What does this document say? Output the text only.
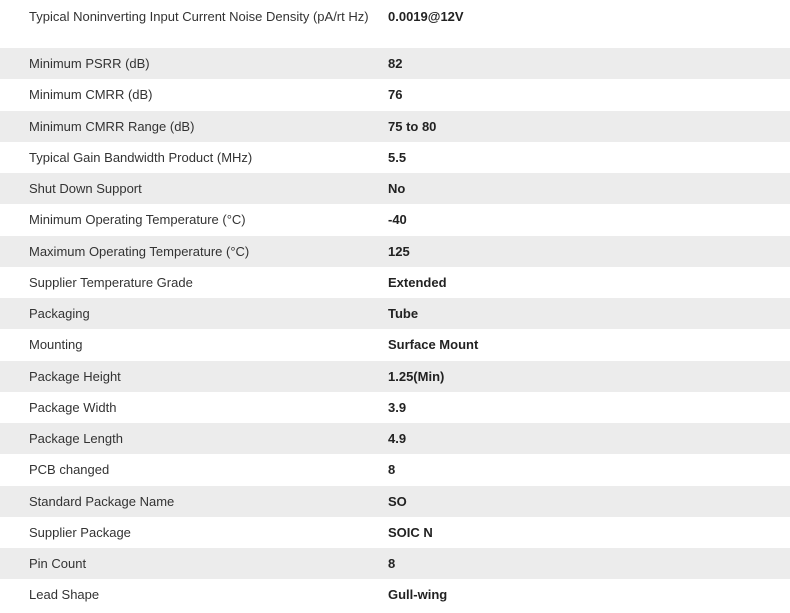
Typical Noninverting Input Current Noise Density (pA/rt Hz)	0.0019@12V
Minimum PSRR (dB)	82
Minimum CMRR (dB)	76
Minimum CMRR Range (dB)	75 to 80
Typical Gain Bandwidth Product (MHz)	5.5
Shut Down Support	No
Minimum Operating Temperature (°C)	-40
Maximum Operating Temperature (°C)	125
Supplier Temperature Grade	Extended
Packaging	Tube
Mounting	Surface Mount
Package Height	1.25(Min)
Package Width	3.9
Package Length	4.9
PCB changed	8
Standard Package Name	SO
Supplier Package	SOIC N
Pin Count	8
Lead Shape	Gull-wing
